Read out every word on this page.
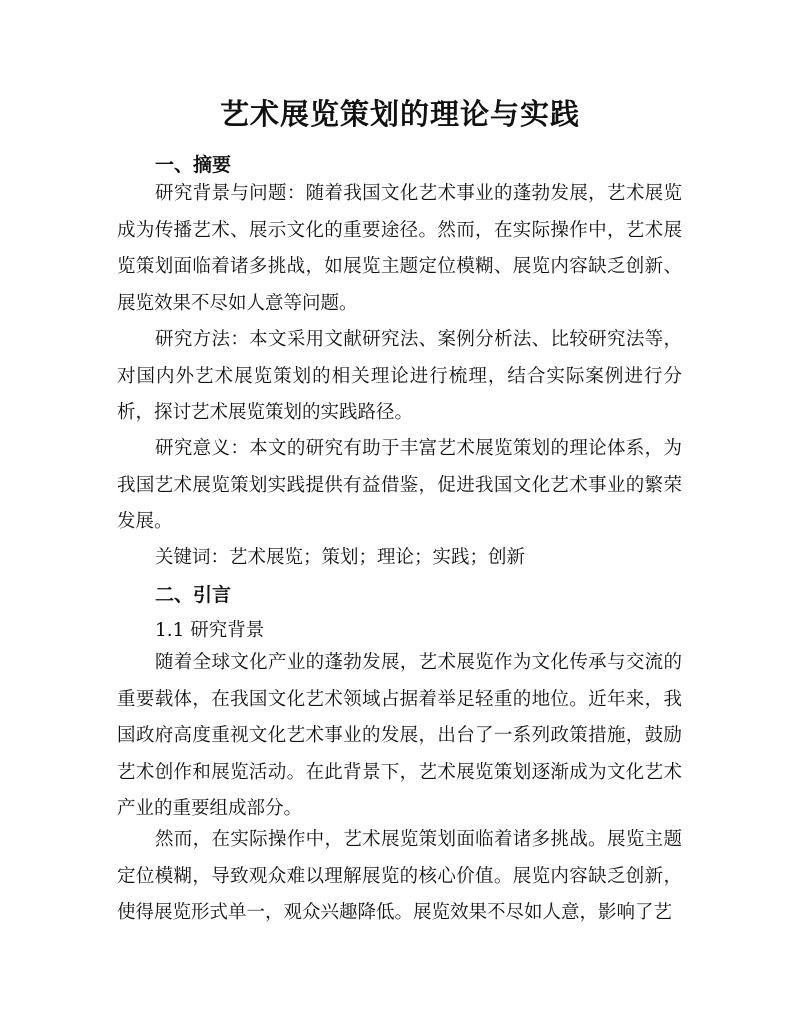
艺术展览策划的理论与实践
一、摘要

研究背景与问题：随着我国文化艺术事业的蓬勃发展，艺术展览成为传播艺术、展示文化的重要途径。然而，在实际操作中，艺术展览策划面临着诸多挑战，如展览主题定位模糊、展览内容缺乏创新、展览效果不尽如人意等问题。

研究方法：本文采用文献研究法、案例分析法、比较研究法等，对国内外艺术展览策划的相关理论进行梳理，结合实际案例进行分析，探讨艺术展览策划的实践路径。

研究意义：本文的研究有助于丰富艺术展览策划的理论体系，为我国艺术展览策划实践提供有益借鉴，促进我国文化艺术事业的繁荣发展。

关键词：艺术展览；策划；理论；实践；创新
二、引言
1.1 研究背景

随着全球文化产业的蓬勃发展，艺术展览作为文化传承与交流的重要载体，在我国文化艺术领域占据着举足轻重的地位。近年来，我国政府高度重视文化艺术事业的发展，出台了一系列政策措施，鼓励艺术创作和展览活动。在此背景下，艺术展览策划逐渐成为文化艺术产业的重要组成部分。

然而，在实际操作中，艺术展览策划面临着诸多挑战。展览主题定位模糊，导致观众难以理解展览的核心价值。展览内容缺乏创新，使得展览形式单一，观众兴趣降低。展览效果不尽如人意，影响了艺
